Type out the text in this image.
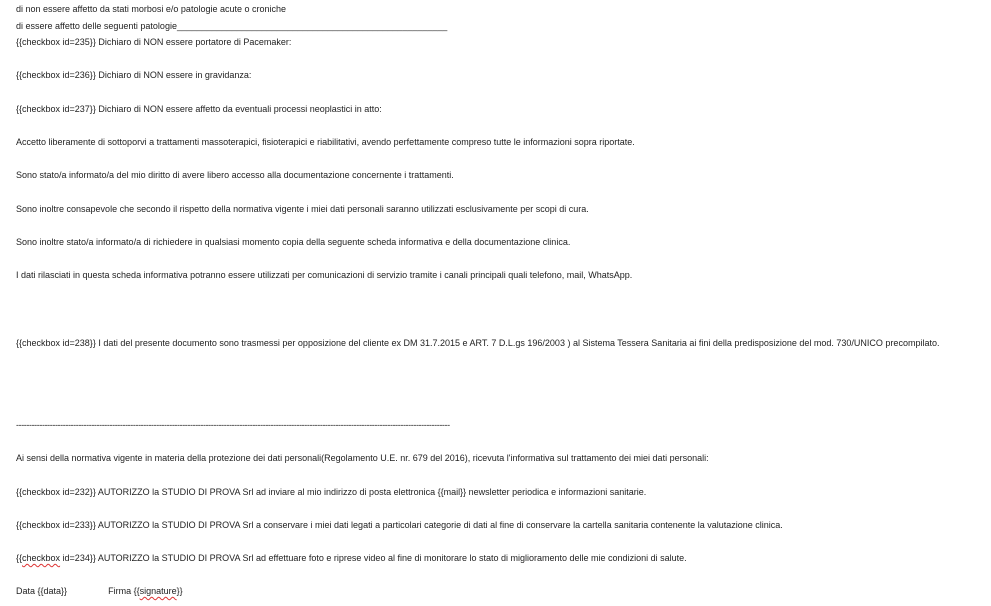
di non essere affetto da stati morbosi e/o patologie acute o croniche
di essere affetto delle seguenti patologie______________________________________________________
{{checkbox id=235}} Dichiaro di NON essere portatore di Pacemaker:
{{checkbox id=236}} Dichiaro di NON essere in gravidanza:
{{checkbox id=237}} Dichiaro di NON essere affetto da eventuali processi neoplastici in atto:
Accetto liberamente di sottoporvi a trattamenti massoterapici, fisioterapici e riabilitativi, avendo perfettamente compreso tutte le informazioni sopra riportate.
Sono stato/a informato/a del mio diritto di avere libero accesso alla documentazione concernente i trattamenti.
Sono inoltre consapevole che secondo il rispetto della normativa vigente i miei dati personali saranno utilizzati esclusivamente per scopi di cura.
Sono inoltre stato/a informato/a di richiedere in qualsiasi momento copia della seguente scheda informativa e della documentazione clinica.
I dati rilasciati in questa scheda informativa potranno essere utilizzati per comunicazioni di servizio tramite i canali principali quali telefono, mail, WhatsApp.
{{checkbox id=238}} I dati del presente documento sono trasmessi per opposizione del cliente ex DM 31.7.2015 e ART. 7 D.L.gs 196/2003 ) al Sistema Tessera Sanitaria ai fini della predisposizione del mod. 730/UNICO precompilato.
-----------------------------------------------------------------------------------------------------------------------------------------------------------------------
Ai sensi della normativa vigente in materia della protezione dei dati personali(Regolamento U.E. nr. 679 del 2016), ricevuta l'informativa sul trattamento dei miei dati personali:
{{checkbox id=232}} AUTORIZZO la STUDIO DI PROVA Srl ad inviare al mio indirizzo di posta elettronica {{mail}} newsletter periodica e informazioni sanitarie.
{{checkbox id=233}} AUTORIZZO la STUDIO DI PROVA Srl a conservare i miei dati legati a particolari categorie di dati al fine di conservare la cartella sanitaria contenente la valutazione clinica.
{{checkbox id=234}} AUTORIZZO la STUDIO DI PROVA Srl ad effettuare foto e riprese video al fine di monitorare lo stato di miglioramento delle mie condizioni di salute.
Data {{data}}	Firma {{signature}}
